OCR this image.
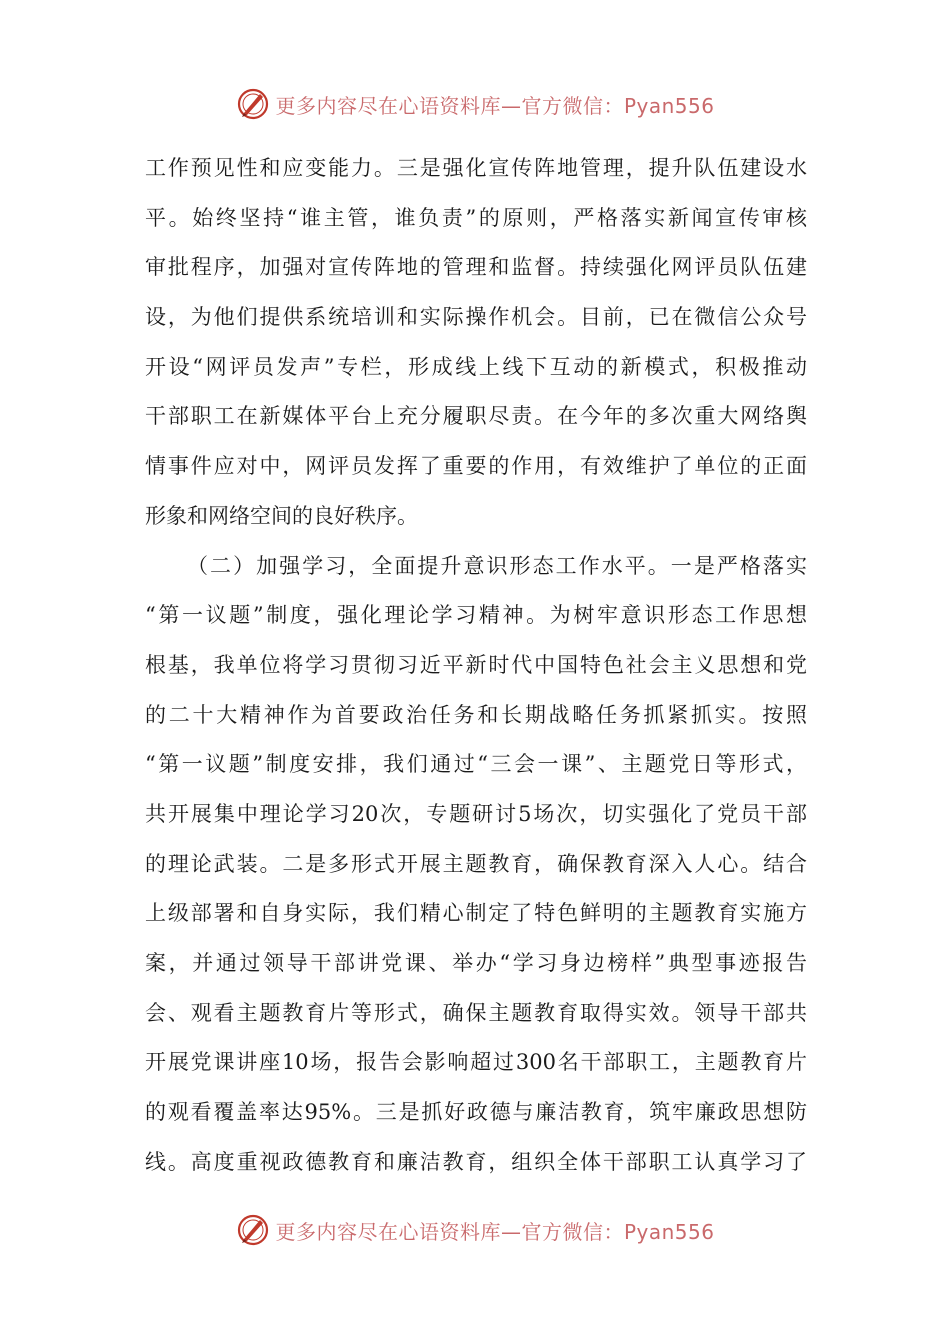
更多内容尽在心语资料库—官方微信：Pyan556
工作预见性和应变能力。三是强化宣传阵地管理，提升队伍建设水
平。始终坚持“谁主管，谁负责”的原则，严格落实新闻宣传审核
审批程序，加强对宣传阵地的管理和监督。持续强化网评员队伍建
设，为他们提供系统培训和实际操作机会。目前，已在微信公众号
开设“网评员发声”专栏，形成线上线下互动的新模式，积极推动
干部职工在新媒体平台上充分履职尽责。在今年的多次重大网络舆
情事件应对中，网评员发挥了重要的作用，有效维护了单位的正面
形象和网络空间的良好秩序。
（二）加强学习，全面提升意识形态工作水平。一是严格落实
“第一议题”制度，强化理论学习精神。为树牢意识形态工作思想
根基，我单位将学习贯彻习近平新时代中国特色社会主义思想和党
的二十大精神作为首要政治任务和长期战略任务抓紧抓实。按照
“第一议题”制度安排，我们通过“三会一课”、主题党日等形式，
共开展集中理论学习20次，专题研讨5场次，切实强化了党员干部
的理论武装。二是多形式开展主题教育，确保教育深入人心。结合
上级部署和自身实际，我们精心制定了特色鲜明的主题教育实施方
案，并通过领导干部讲党课、举办“学习身边榜样”典型事迹报告
会、观看主题教育片等形式，确保主题教育取得实效。领导干部共
开展党课讲座10场，报告会影响超过300名干部职工，主题教育片
的观看覆盖率达95%。三是抓好政德与廉洁教育，筑牢廉政思想防
线。高度重视政德教育和廉洁教育，组织全体干部职工认真学习了
更多内容尽在心语资料库—官方微信：Pyan556
